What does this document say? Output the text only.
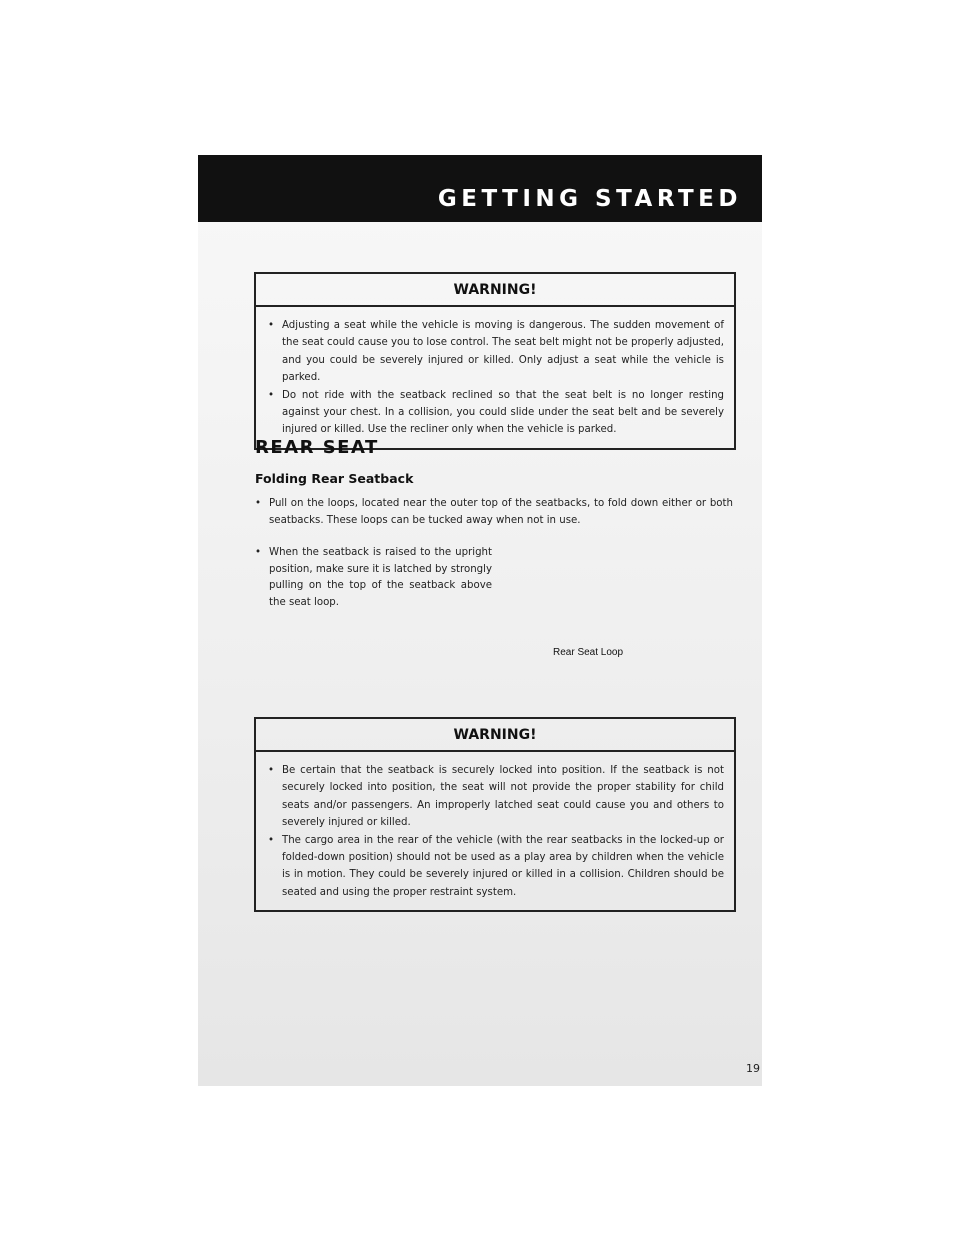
GETTING STARTED
WARNING!
• Adjusting a seat while the vehicle is moving is dangerous. The sudden movement of the seat could cause you to lose control. The seat belt might not be properly adjusted, and you could be severely injured or killed. Only adjust a seat while the vehicle is parked.
• Do not ride with the seatback reclined so that the seat belt is no longer resting against your chest. In a collision, you could slide under the seat belt and be severely injured or killed. Use the recliner only when the vehicle is parked.
REAR SEAT
Folding Rear Seatback
• Pull on the loops, located near the outer top of the seatbacks, to fold down either or both seatbacks. These loops can be tucked away when not in use.
• When the seatback is raised to the upright position, make sure it is latched by strongly pulling on the top of the seatback above the seat loop.
Rear Seat Loop
WARNING!
• Be certain that the seatback is securely locked into position. If the seatback is not securely locked into position, the seat will not provide the proper stability for child seats and/or passengers. An improperly latched seat could cause you and others to severely injured or killed.
• The cargo area in the rear of the vehicle (with the rear seatbacks in the locked-up or folded-down position) should not be used as a play area by children when the vehicle is in motion. They could be severely injured or killed in a collision. Children should be seated and using the proper restraint system.
19
